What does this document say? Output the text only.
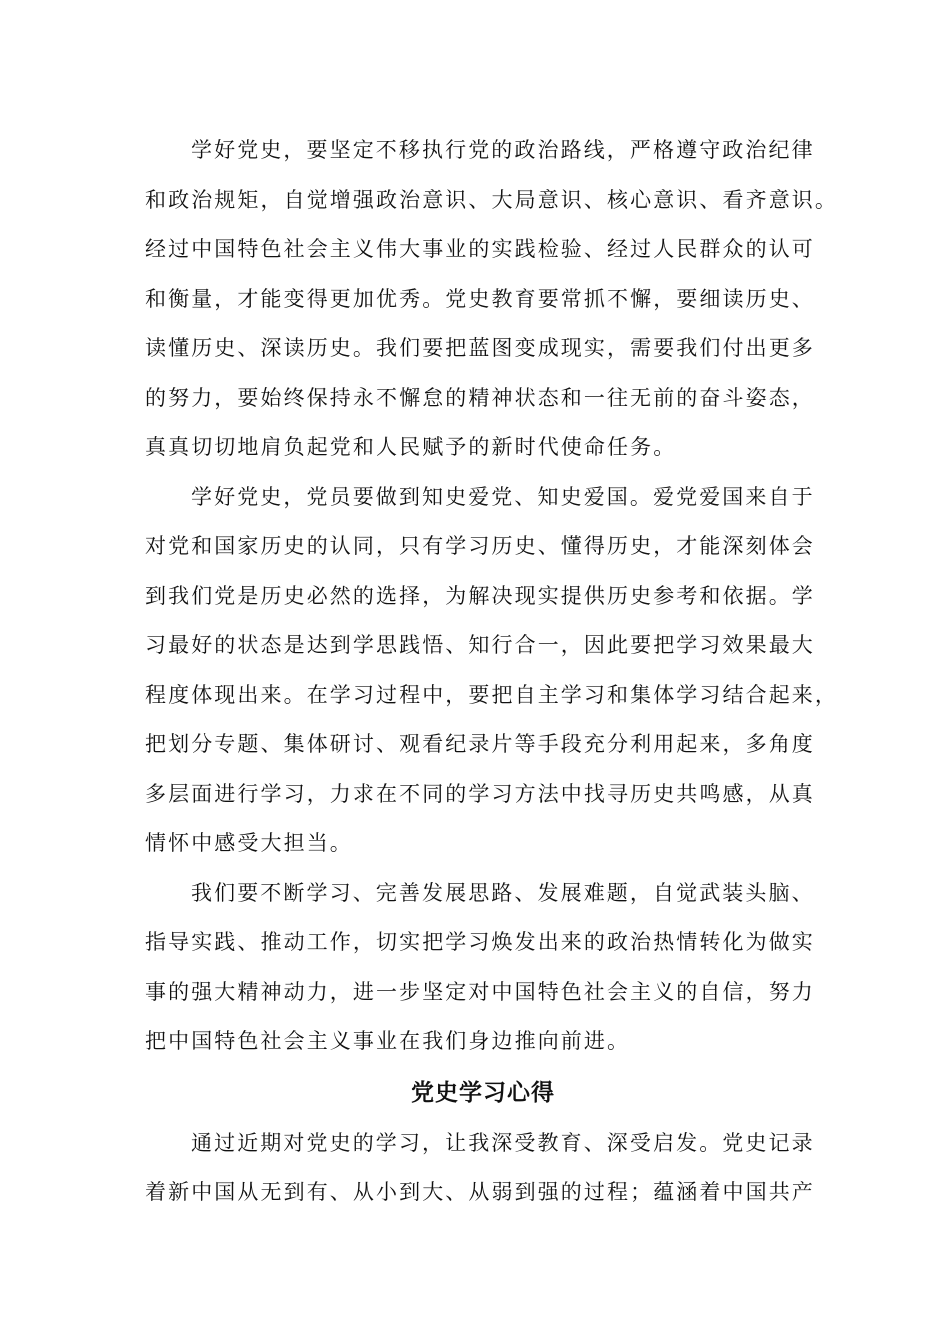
学好党史，要坚定不移执行党的政治路线，严格遵守政治纪律
和政治规矩，自觉增强政治意识、大局意识、核心意识、看齐意识。
经过中国特色社会主义伟大事业的实践检验、经过人民群众的认可
和衡量，才能变得更加优秀。党史教育要常抓不懈，要细读历史、
读懂历史、深读历史。我们要把蓝图变成现实，需要我们付出更多
的努力，要始终保持永不懈怠的精神状态和一往无前的奋斗姿态，
真真切切地肩负起党和人民赋予的新时代使命任务。

学好党史，党员要做到知史爱党、知史爱国。爱党爱国来自于
对党和国家历史的认同，只有学习历史、懂得历史，才能深刻体会
到我们党是历史必然的选择，为解决现实提供历史参考和依据。学
习最好的状态是达到学思践悟、知行合一，因此要把学习效果最大
程度体现出来。在学习过程中，要把自主学习和集体学习结合起来，
把划分专题、集体研讨、观看纪录片等手段充分利用起来，多角度
多层面进行学习，力求在不同的学习方法中找寻历史共鸣感，从真
情怀中感受大担当。

我们要不断学习、完善发展思路、发展难题，自觉武装头脑、
指导实践、推动工作，切实把学习焕发出来的政治热情转化为做实
事的强大精神动力，进一步坚定对中国特色社会主义的自信，努力
把中国特色社会主义事业在我们身边推向前进。

党史学习心得

通过近期对党史的学习，让我深受教育、深受启发。党史记录
着新中国从无到有、从小到大、从弱到强的过程；蕴涵着中国共产
